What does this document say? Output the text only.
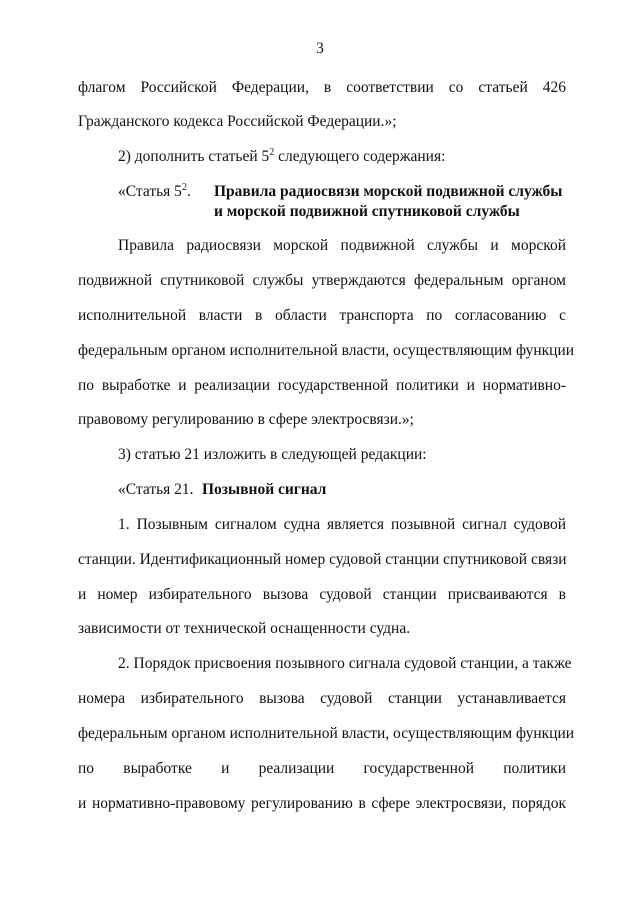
3
флагом Российской Федерации, в соответствии со статьей 426
Гражданского кодекса Российской Федерации.»;
2) дополнить статьей $5^2$ следующего содержания:
«Статья $5^2$. Правила радиосвязи морской подвижной службы
и морской подвижной спутниковой службы
Правила радиосвязи морской подвижной службы и морской
подвижной спутниковой службы утверждаются федеральным органом
исполнительной власти в области транспорта по согласованию с
федеральным органом исполнительной власти, осуществляющим функции
по выработке и реализации государственной политики и нормативно-
правовому регулированию в сфере электросвязи.»;
3) статью 21 изложить в следующей редакции:
«Статья 21. Позывной сигнал
1. Позывным сигналом судна является позывной сигнал судовой
станции. Идентификационный номер судовой станции спутниковой связи
и номер избирательного вызова судовой станции присваиваются в
зависимости от технической оснащенности судна.
2. Порядок присвоения позывного сигнала судовой станции, а также
номера избирательного вызова судовой станции устанавливается
федеральным органом исполнительной власти, осуществляющим функции
по выработке и реализации государственной политики
и нормативно-правовому регулированию в сфере электросвязи, порядок
